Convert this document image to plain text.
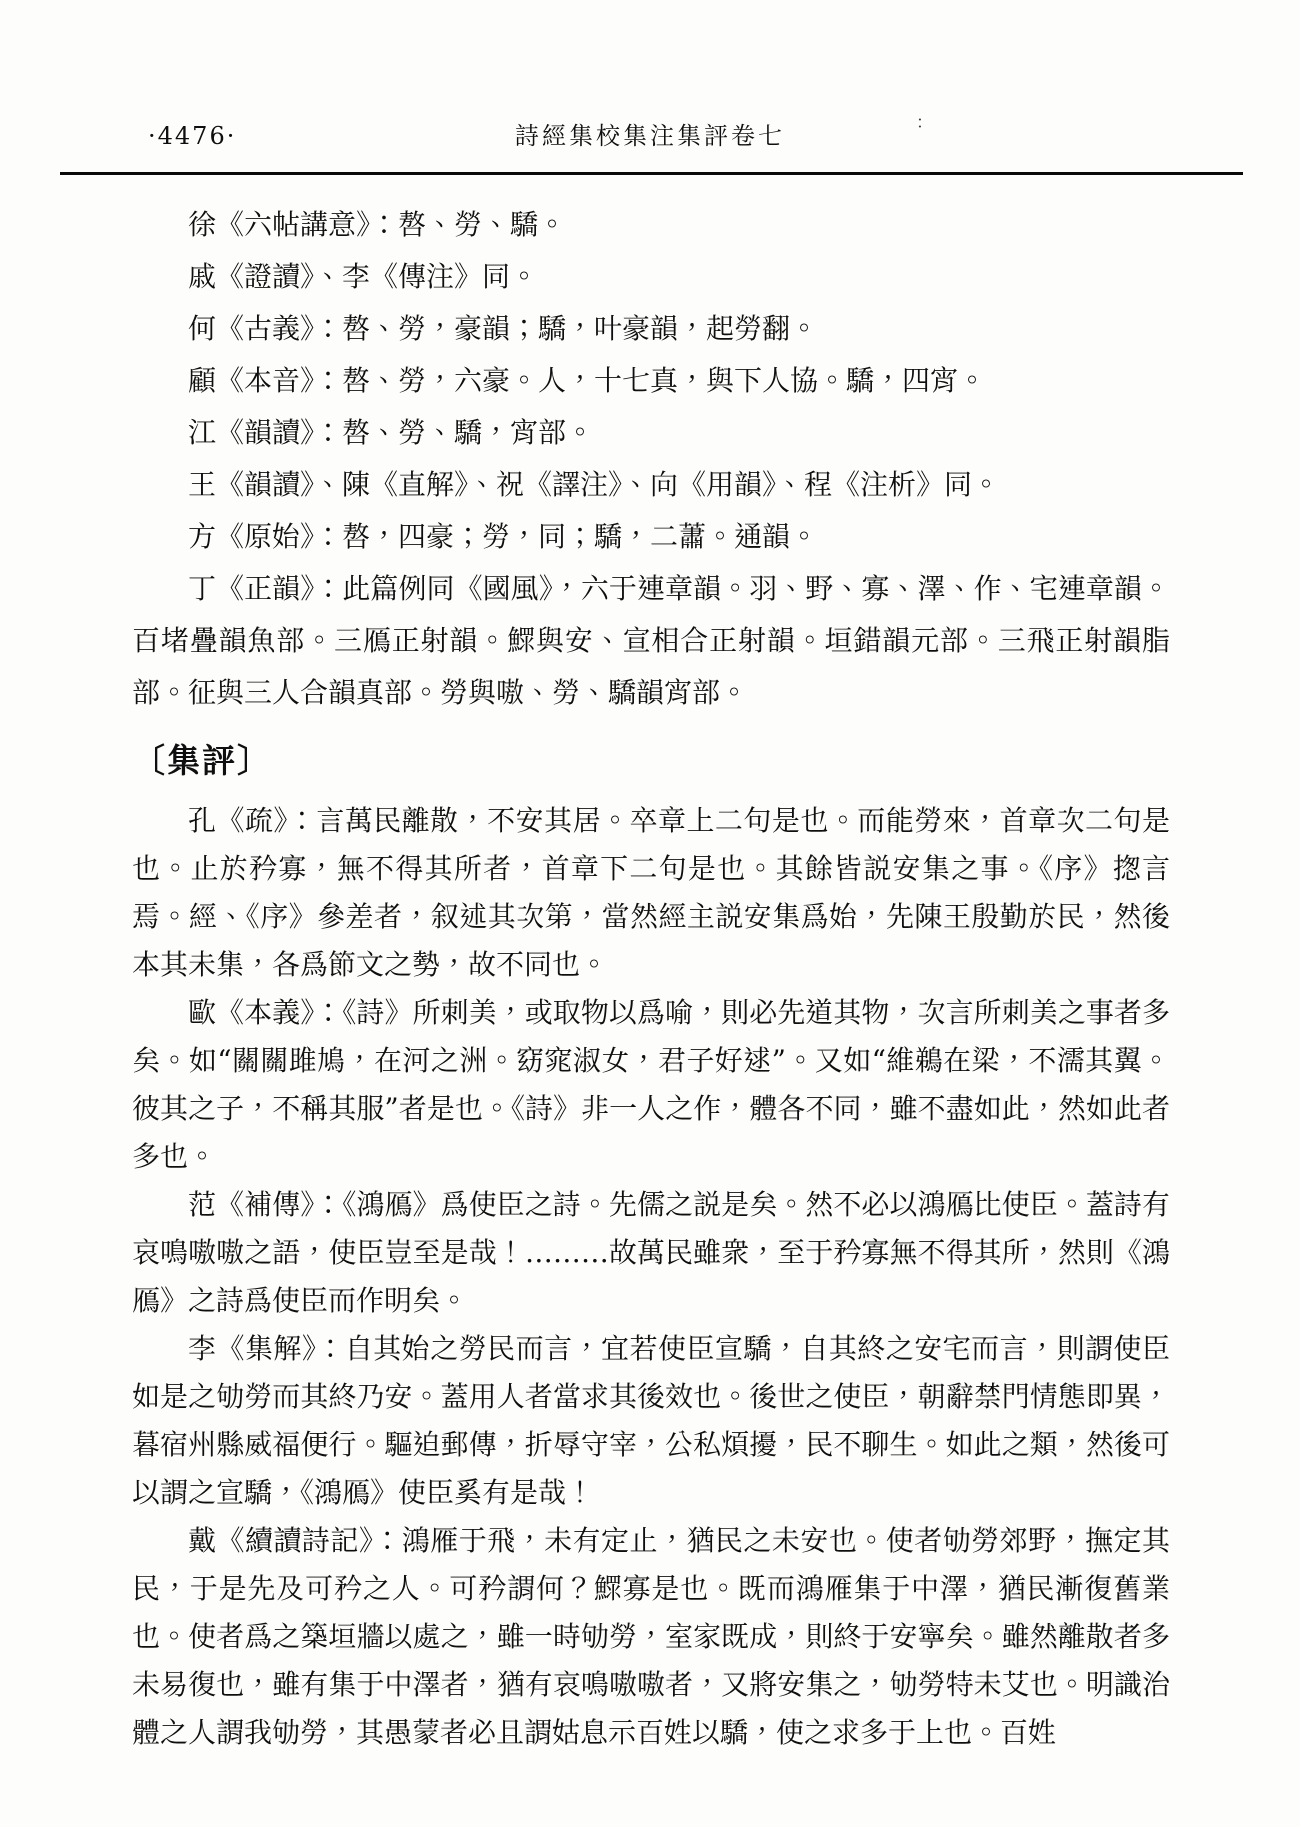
·4476·	詩經集校集注集評卷七	：

徐《六帖講意》：嗸、勞、驕。

戚《證讀》、李《傳注》同。

何《古義》：嗸、勞，豪韻；驕，叶豪韻，起勞翻。

顧《本音》：嗸、勞，六豪。人，十七真，與下人協。驕，四宵。

江《韻讀》：嗸、勞、驕，宵部。

王《韻讀》、陳《直解》、祝《譯注》、向《用韻》、程《注析》同。

方《原始》：嗸，四豪；勞，同；驕，二蕭。通韻。

丁《正韻》：此篇例同《國風》，六于連章韻。羽、野、寡、澤、作、宅連章韻。百堵疊韻魚部。三鴈正射韻。鰥與安、宣相合正射韻。垣錯韻元部。三飛正射韻脂部。征與三人合韻真部。勞與嗷、勞、驕韻宵部。

〔集評〕

孔《疏》：言萬民離散，不安其居。卒章上二句是也。而能勞來，首章次二句是也。止於矜寡，無不得其所者，首章下二句是也。其餘皆説安集之事。《序》揔言焉。經、《序》參差者，叙述其次第，當然經主説安集爲始，先陳王殷勤於民，然後本其未集，各爲節文之勢，故不同也。

歐《本義》：《詩》所刺美，或取物以爲喻，則必先道其物，次言所刺美之事者多矣。如“關關雎鳩，在河之洲。窈窕淑女，君子好逑”。又如“維鵜在梁，不濡其翼。彼其之子，不稱其服”者是也。《詩》非一人之作，體各不同，雖不盡如此，然如此者多也。

范《補傳》：《鴻鴈》爲使臣之詩。先儒之説是矣。然不必以鴻鴈比使臣。蓋詩有哀鳴嗷嗷之語，使臣豈至是哉！………故萬民雖衆，至于矜寡無不得其所，然則《鴻鴈》之詩爲使臣而作明矣。

李《集解》：自其始之勞民而言，宜若使臣宣驕，自其終之安宅而言，則謂使臣如是之劬勞而其終乃安。蓋用人者當求其後效也。後世之使臣，朝辭禁門情態即異，暮宿州縣威福便行。驅迫郵傳，折辱守宰，公私煩擾，民不聊生。如此之類，然後可以謂之宣驕，《鴻鴈》使臣奚有是哉！

戴《續讀詩記》：鴻雁于飛，未有定止，猶民之未安也。使者劬勞郊野，撫定其民，于是先及可矜之人。可矜謂何？鰥寡是也。既而鴻雁集于中澤，猶民漸復舊業也。使者爲之築垣牆以處之，雖一時劬勞，室家既成，則終于安寧矣。雖然離散者多未易復也，雖有集于中澤者，猶有哀鳴嗷嗷者，又將安集之，劬勞特未艾也。明識治體之人謂我劬勞，其愚蒙者必且謂姑息示百姓以驕，使之求多于上也。百姓
